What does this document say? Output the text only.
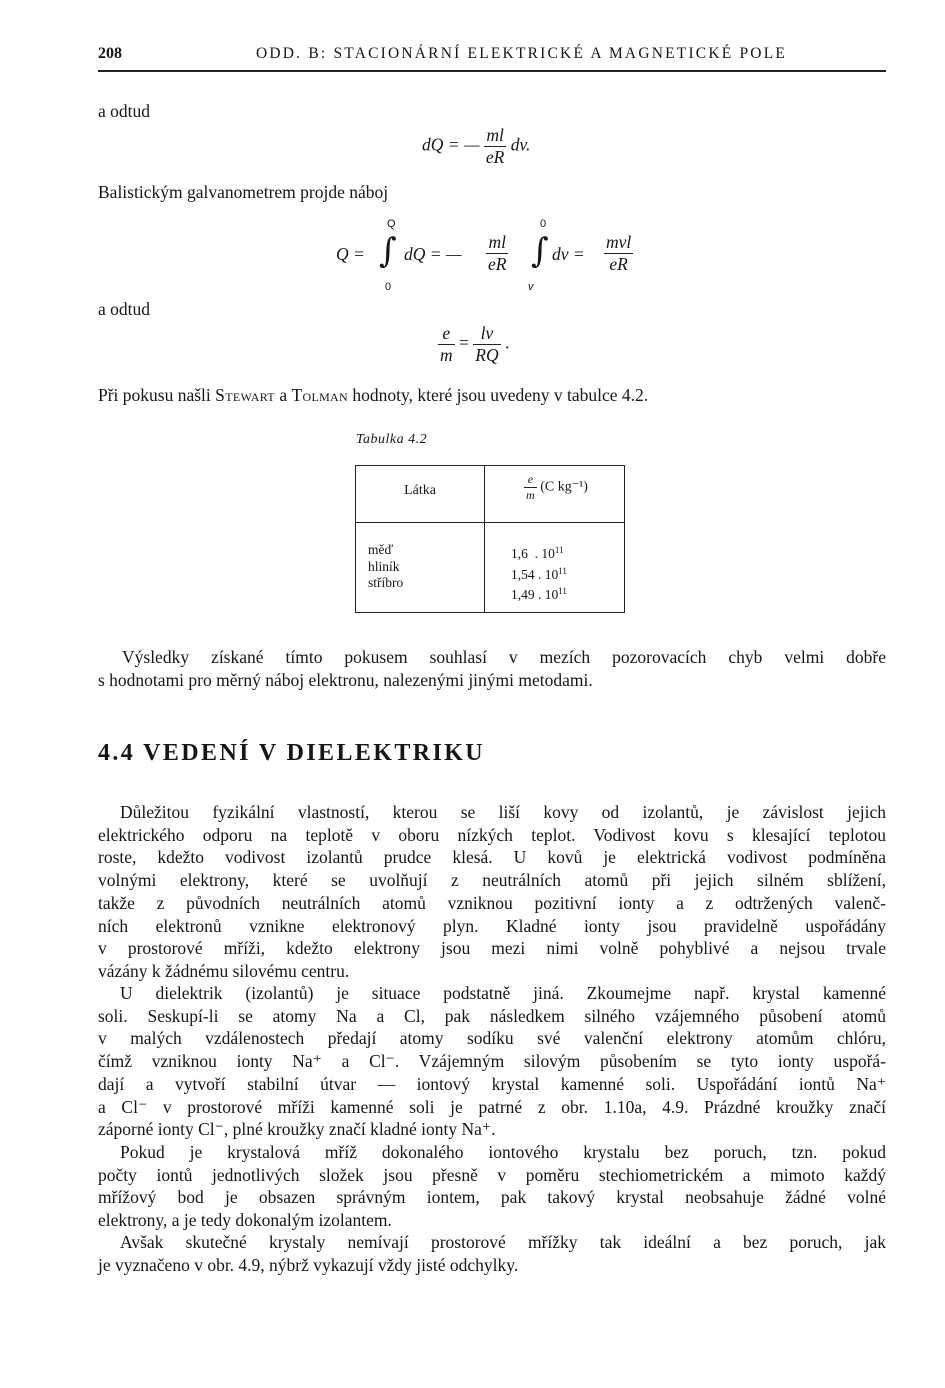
208	ODD. B: STACIONÁRNÍ ELEKTRICKÉ A MAGNETICKÉ POLE
a odtud
dQ = — $\frac{ml}{eR}$ dv.
Balistickým galvanometrem projde náboj
Q =
Q
∫
0
dQ = — $\frac{ml}{eR}$
0
∫
v
dv =
mvl
eR
a odtud
$\frac{e}{m} = \frac{lv}{RQ}$ .
Při pokusu našli Stewart a Tolman hodnoty, které jsou uvedeny v tabulce 4.2.
Tabulka 4.2
Látka	$\frac{e}{m} (C$ kg⁻¹)
měď
hliník
stříbro
1,6  . $10^{11}$
1,54 . $10^{11}$
1,49 . $10^{11}$
Výsledky získané tímto pokusem souhlasí v mezích pozorovacích chyb velmi dobře
s hodnotami pro měrný náboj elektronu, nalezenými jinými metodami.
4.4 VEDENÍ V DIELEKTRIKU
Důležitou fyzikální vlastností, kterou se liší kovy od izolantů, je závislost jejich
elektrického odporu na teplotě v oboru nízkých teplot. Vodivost kovu s klesající teplotou
roste, kdežto vodivost izolantů prudce klesá. U kovů je elektrická vodivost podmíněna
volnými elektrony, které se uvolňují z neutrálních atomů při jejich silném sblížení,
takže z původních neutrálních atomů vzniknou pozitivní ionty a z odtržených valenč-
ních elektronů vznikne elektronový plyn. Kladné ionty jsou pravidelně uspořádány
v prostorové mříži, kdežto elektrony jsou mezi nimi volně pohyblivé a nejsou trvale
vázány k žádnému silovému centru.
U dielektrik (izolantů) je situace podstatně jiná. Zkoumejme např. krystal kamenné
soli. Seskupí-li se atomy Na a Cl, pak následkem silného vzájemného působení atomů
v malých vzdálenostech předají atomy sodíku své valenční elektrony atomům chlóru,
čímž vzniknou ionty Na⁺ a Cl⁻. Vzájemným silovým působením se tyto ionty uspořá-
dají a vytvoří stabilní útvar — iontový krystal kamenné soli. Uspořádání iontů Na⁺
a Cl⁻ v prostorové mříži kamenné soli je patrné z obr. 1.10a, 4.9. Prázdné kroužky značí
záporné ionty Cl⁻, plné kroužky značí kladné ionty Na⁺.
Pokud je krystalová mříž dokonalého iontového krystalu bez poruch, tzn. pokud
počty iontů jednotlivých složek jsou přesně v poměru stechiometrickém a mimoto každý
mřížový bod je obsazen správným iontem, pak takový krystal neobsahuje žádné volné
elektrony, a je tedy dokonalým izolantem.
Avšak skutečné krystaly nemívají prostorové mřížky tak ideální a bez poruch, jak
je vyznačeno v obr. 4.9, nýbrž vykazují vždy jisté odchylky.
